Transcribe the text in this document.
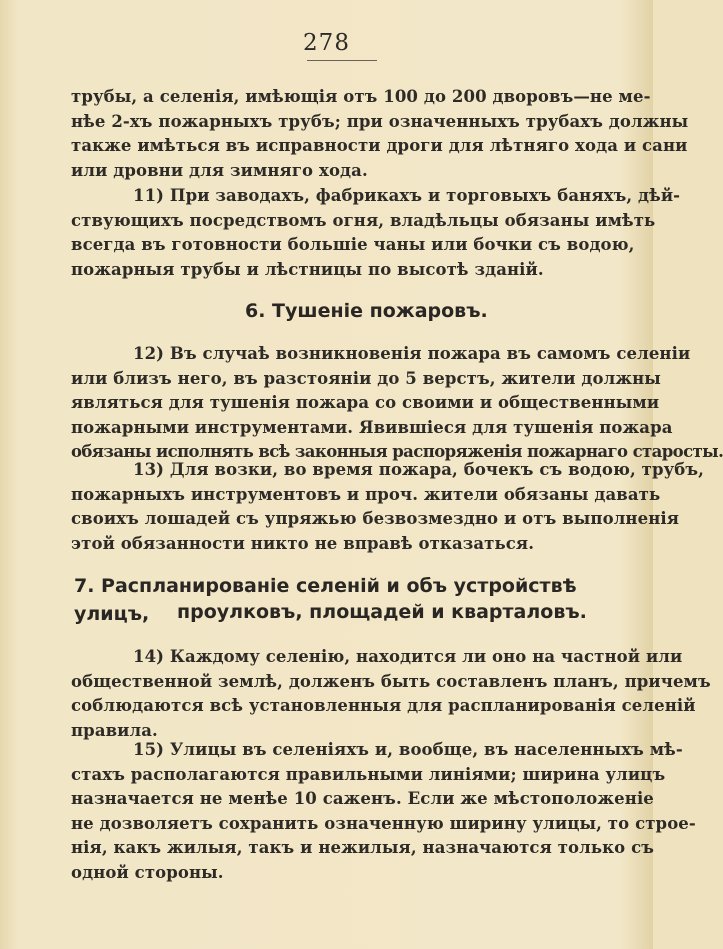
278
трубы, а селенія, имѣющія отъ 100 до 200 дворовъ—не ме-
нѣе 2-хъ пожарныхъ трубъ; при означенныхъ трубахъ должны
также имѣться въ исправности дроги для лѣтняго хода и сани
или дровни для зимняго хода.
11) При заводахъ, фабрикахъ и торговыхъ баняхъ, дѣй-
ствующихъ посредствомъ огня, владѣльцы обязаны имѣть
всегда въ готовности большіе чаны или бочки съ водою,
пожарныя трубы и лѣстницы по высотѣ зданій.
6. Тушеніе пожаровъ.
12) Въ случаѣ возникновенія пожара въ самомъ селеніи
или близъ него, въ разстояніи до 5 верстъ, жители должны
являться для тушенія пожара со своими и общественными
пожарными инструментами. Явившіеся для тушенія пожара
обязаны исполнять всѣ законныя распоряженія пожарнаго старосты.
13) Для возки, во время пожара, бочекъ съ водою, трубъ,
пожарныхъ инструментовъ и проч. жители обязаны давать
своихъ лошадей съ упряжью безвозмездно и отъ выполненія
этой обязанности никто не вправѣ отказаться.
7. Распланированіе селеній и объ устройствѣ улицъ,	проулковъ, площадей и кварталовъ.
14) Каждому селенію, находится ли оно на частной или
общественной землѣ, долженъ быть составленъ планъ, причемъ
соблюдаются всѣ установленныя для распланированія селеній
правила.
15) Улицы въ селеніяхъ и, вообще, въ населенныхъ мѣ-
стахъ располагаются правильными линіями; ширина улицъ
назначается не менѣе 10 саженъ. Если же мѣстоположеніе
не дозволяетъ сохранить означенную ширину улицы, то строе-
нія, какъ жилыя, такъ и нежилыя, назначаются только съ
одной стороны.
